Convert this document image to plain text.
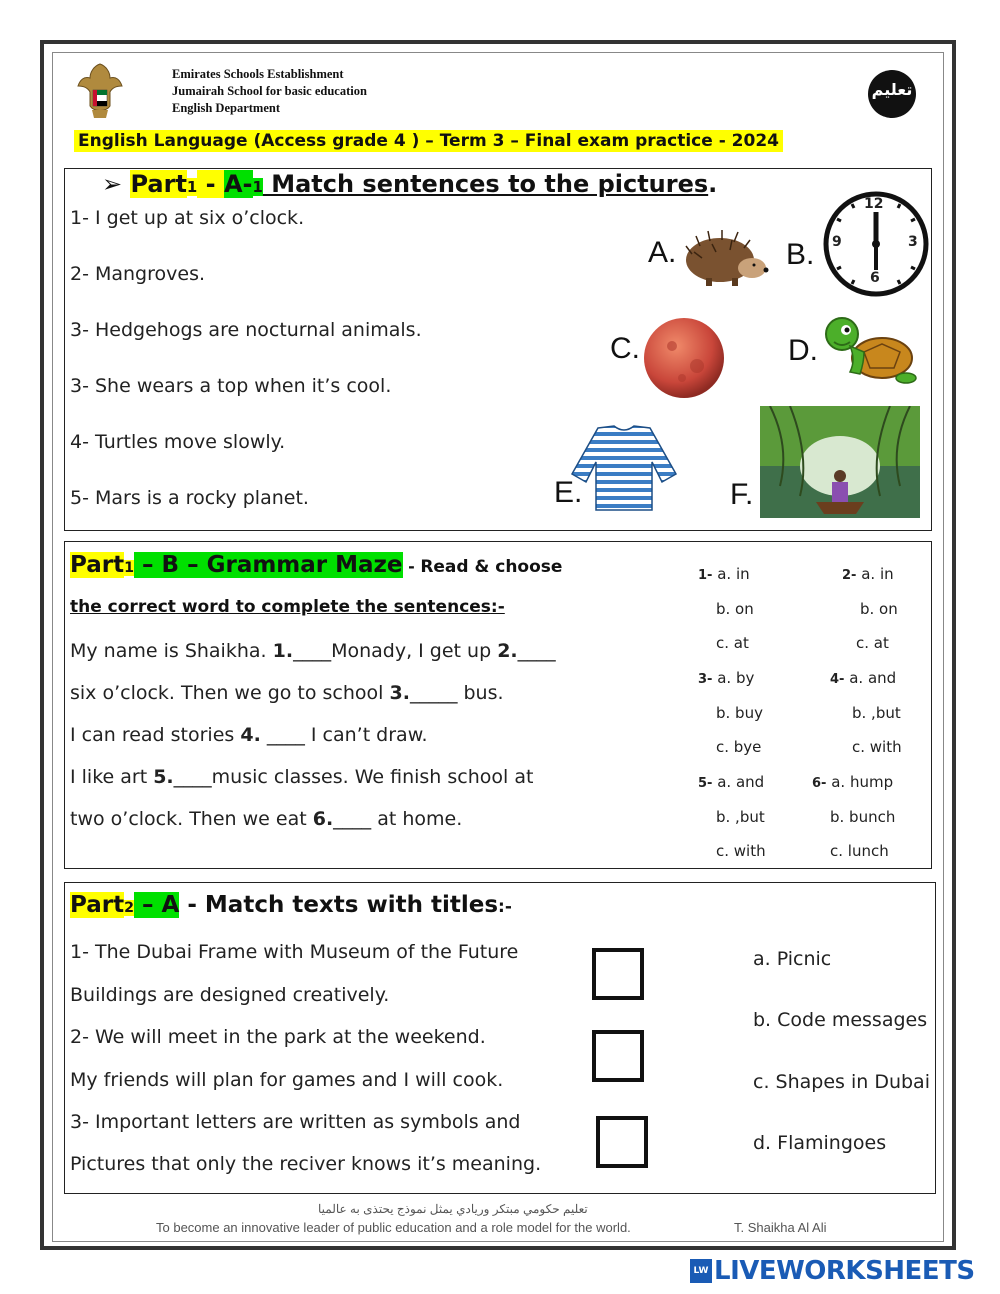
Emirates Schools Establishment
Jumairah School for basic education
English Department
تعليم
English Language (Access grade 4 ) – Term 3 – Final exam practice - 2024
➢ Part1 - A-1 Match sentences to the pictures.
1- I get up at six o’clock.
2- Mangroves.
3- Hedgehogs are nocturnal animals.
3- She wears a top when it’s cool.
4- Turtles move slowly.
5- Mars is a rocky planet.
A.	B.
C.	D.
E.	F.
12
3
6
9
Part1 – B – Grammar Maze - Read & choose
the correct word to complete the sentences:-
My name is Shaikha. 1.____Monady, I get up 2.____
six o’clock. Then we go to school 3._____ bus.
I can read stories 4. ____ I can’t draw.
I like art 5.____music classes. We finish school at
two o’clock. Then we eat 6.____ at home.
1- a. in
b. on
c. at
2- a. in
b. on
c. at
3- a. by
b. buy
c. bye
4- a. and
b. ,but
c. with
5- a. and
b. ,but
c. with
6- a. hump
b. bunch
c. lunch
Part2 – A - Match texts with titles:-
1- The Dubai Frame with Museum of the Future
Buildings are designed creatively.
2- We will meet in the park at the weekend.
My friends will plan for games and I will cook.
3- Important letters are written as symbols and
Pictures that only the reciver knows it’s meaning.
a. Picnic
b. Code messages
c. Shapes in Dubai
d. Flamingoes
تعليم حكومي مبتكر وريادي يمثل نموذج يحتذى به عالميا
To become an innovative leader of public education and a role model for the world.	T. Shaikha Al Ali
LW LIVEWORKSHEETS
